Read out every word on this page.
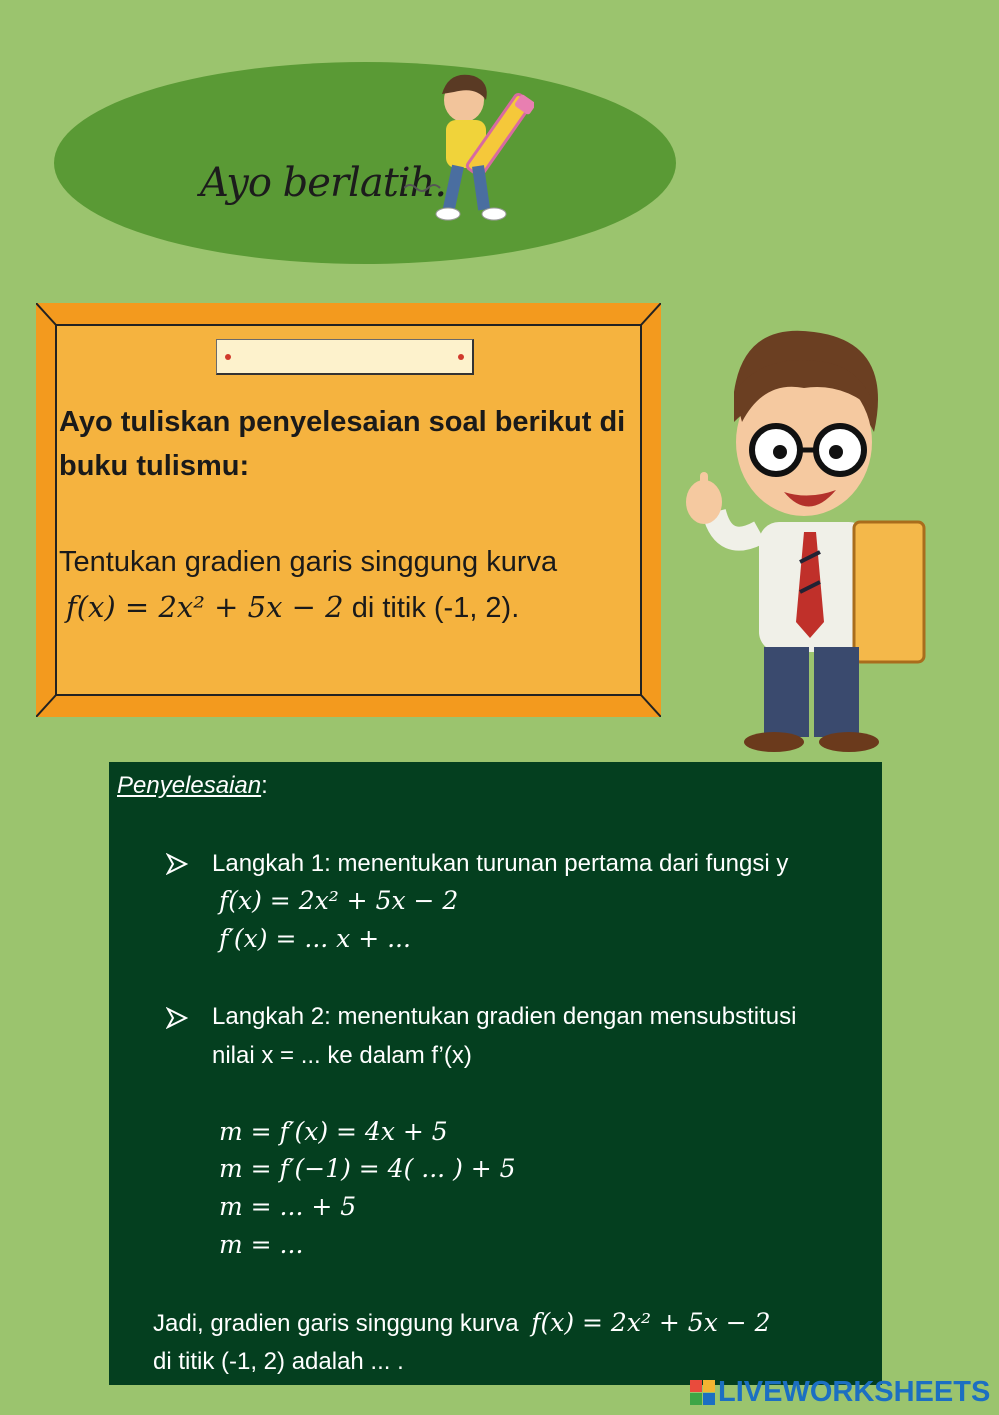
Ayo berlatih.
Ayo tuliskan penyelesaian soal berikut di buku tulismu:
Tentukan gradien garis singgung kurva
f(x) = 2x² + 5x − 2 di titik (-1, 2).
Penyelesaian:
Langkah 1: menentukan turunan pertama dari fungsi y
f(x) = 2x² + 5x − 2
f′(x) = ... x + ...
Langkah 2: menentukan gradien dengan mensubstitusi
nilai x = ... ke dalam f’(x)
m = f′(x) = 4x + 5
m = f′(−1) = 4( ... ) + 5
m = ... + 5
m = ...
Jadi, gradien garis singgung kurva f(x) = 2x² + 5x − 2
di titik (-1, 2) adalah ... .
LIVEWORKSHEETS
